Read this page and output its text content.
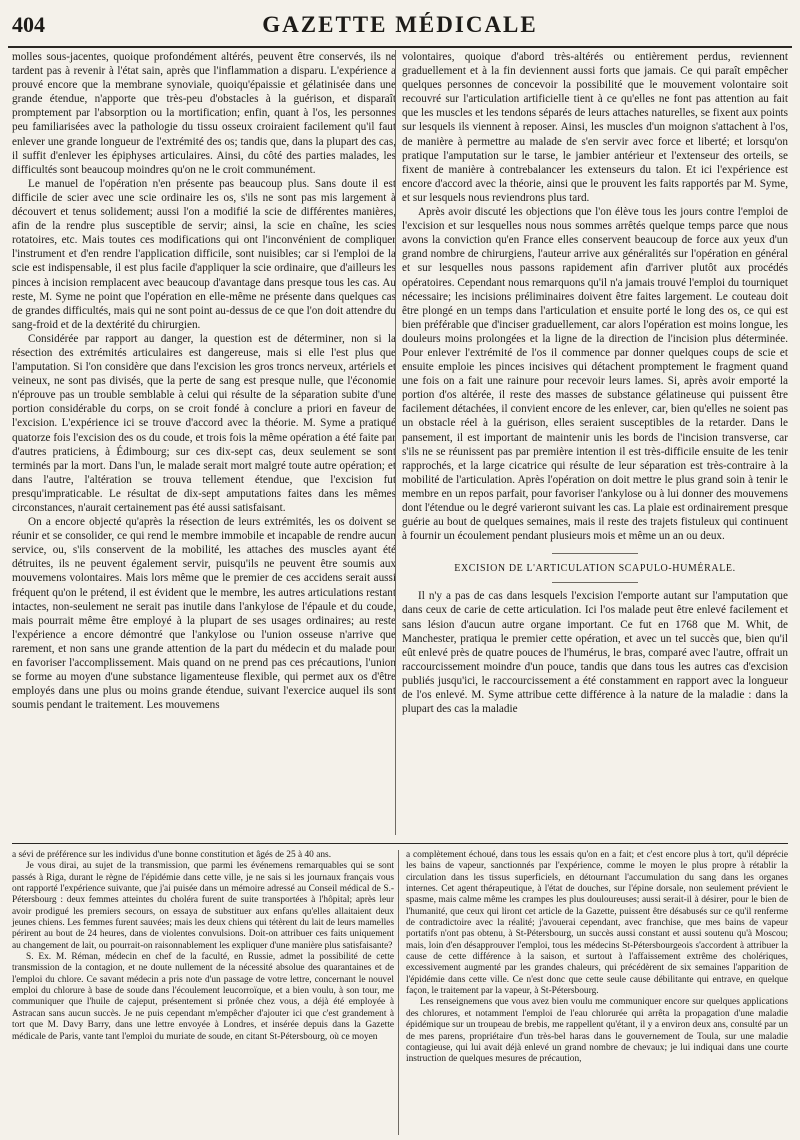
404	GAZETTE MÉDICALE

molles sous-jacentes, quoique profondément altérés, peuvent être conservés, ils ne tardent pas à revenir à l'état sain, après que l'inflammation a disparu. L'expérience a prouvé encore que la membrane synoviale, quoiqu'épaissie et gélatinisée dans une grande étendue, n'apporte que très-peu d'obstacles à la guérison, et disparaît promptement par l'absorption ou la mortification; enfin, quant à l'os, les personnes peu familiarisées avec la pathologie du tissu osseux croiraient facilement qu'il faut enlever une grande longueur de l'extrémité des os; tandis que, dans la plupart des cas, il suffit d'enlever les épiphyses articulaires. Ainsi, du côté des parties malades, les difficultés sont beaucoup moindres qu'on ne le croit communément.

Le manuel de l'opération n'en présente pas beaucoup plus. Sans doute il est difficile de scier avec une scie ordinaire les os, s'ils ne sont pas mis largement à découvert et tenus solidement; aussi l'on a modifié la scie de différentes manières, afin de la rendre plus susceptible de servir; ainsi, la scie en chaîne, les scies rotatoires, etc. Mais toutes ces modifications qui ont l'inconvénient de compliquer l'instrument et d'en rendre l'application difficile, sont nuisibles; car si l'emploi de la scie est indispensable, il est plus facile d'appliquer la scie ordinaire, que d'ailleurs les pinces à incision remplacent avec beaucoup d'avantage dans presque tous les cas. Au reste, M. Syme ne point que l'opération en elle-même ne présente dans quelques cas de grandes difficultés, mais qui ne sont point au-dessus de ce que l'on doit attendre du sang-froid et de la dextérité du chirurgien.

Considérée par rapport au danger, la question est de déterminer, non si la résection des extrémités articulaires est dangereuse, mais si elle l'est plus que l'amputation. Si l'on considère que dans l'excision les gros troncs nerveux, artériels et veineux, ne sont pas divisés, que la perte de sang est presque nulle, que l'économie n'éprouve pas un trouble semblable à celui qui résulte de la séparation subite d'une portion considérable du corps, on se croit fondé à conclure a priori en faveur de l'excision. L'expérience ici se trouve d'accord avec la théorie. M. Syme a pratiqué quatorze fois l'excision des os du coude, et trois fois la même opération a été faite par d'autres praticiens, à Édimbourg; sur ces dix-sept cas, deux seulement se sont terminés par la mort. Dans l'un, le malade serait mort malgré toute autre opération; et dans l'autre, l'altération se trouva tellement étendue, que l'excision fut presqu'impraticable. Le résultat de dix-sept amputations faites dans les mêmes circonstances, n'aurait certainement pas été aussi satisfaisant.

On a encore objecté qu'après la résection de leurs extrémités, les os doivent se réunir et se consolider, ce qui rend le membre immobile et incapable de rendre aucun service, ou, s'ils conservent de la mobilité, les attaches des muscles ayant été détruites, ils ne peuvent également servir, puisqu'ils ne peuvent être soumis aux mouvemens volontaires. Mais lors même que le premier de ces accidens serait aussi fréquent qu'on le prétend, il est évident que le membre, les autres articulations restant intactes, non-seulement ne serait pas inutile dans l'ankylose de l'épaule et du coude, mais pourrait même être employé à la plupart de ses usages ordinaires; au reste l'expérience a encore démontré que l'ankylose ou l'union osseuse n'arrive que rarement, et non sans une grande attention de la part du médecin et du malade pour en favoriser l'accomplissement. Mais quand on ne prend pas ces précautions, l'union se forme au moyen d'une substance ligamenteuse flexible, qui permet aux os d'être employés dans une plus ou moins grande étendue, suivant l'exercice auquel ils sont soumis pendant le traitement. Les mouvemens

volontaires, quoique d'abord très-altérés ou entièrement perdus, reviennent graduellement et à la fin deviennent aussi forts que jamais. Ce qui paraît empêcher quelques personnes de concevoir la possibilité que le mouvement volontaire soit recouvré sur l'articulation artificielle tient à ce qu'elles ne font pas attention au fait que les muscles et les tendons séparés de leurs attaches naturelles, se fixent aux points sur lesquels ils viennent à reposer. Ainsi, les muscles d'un moignon s'attachent à l'os, de manière à permettre au malade de s'en servir avec force et liberté; et lorsqu'on pratique l'amputation sur le tarse, le jambier antérieur et l'extenseur des orteils, se fixent de manière à contrebalancer les extenseurs du talon. Et ici l'expérience est encore d'accord avec la théorie, ainsi que le prouvent les faits rapportés par M. Syme, et sur lesquels nous reviendrons plus tard.

Après avoir discuté les objections que l'on élève tous les jours contre l'emploi de l'excision et sur lesquelles nous nous sommes arrêtés quelque temps parce que nous avons la conviction qu'en France elles conservent beaucoup de force aux yeux d'un grand nombre de chirurgiens, l'auteur arrive aux généralités sur l'opération en général et sur lesquelles nous passons rapidement afin d'arriver plutôt aux procédés opératoires. Cependant nous remarquons qu'il n'a jamais trouvé l'emploi du tourniquet nécessaire; les incisions préliminaires doivent être faites largement. Le couteau doit être plongé en un temps dans l'articulation et ensuite porté le long des os, ce qui est bien préférable que d'inciser graduellement, car alors l'opération est moins longue, les douleurs moins prolongées et la ligne de la direction de l'incision plus déterminée. Pour enlever l'extrémité de l'os il commence par donner quelques coups de scie et ensuite emploie les pinces incisives qui détachent promptement le fragment quand une fois on a fait une rainure pour recevoir leurs lames. Si, après avoir emporté la portion d'os altérée, il reste des masses de substance gélatineuse qui puissent être facilement détachées, il convient encore de les enlever, car, bien qu'elles ne soient pas un obstacle réel à la guérison, elles seraient susceptibles de la retarder. Dans le pansement, il est important de maintenir unis les bords de l'incision transverse, car s'ils ne se réunissent pas par première intention il est très-difficile ensuite de les tenir rapprochés, et la large cicatrice qui résulte de leur séparation est très-contraire à la mobilité de l'articulation. Après l'opération on doit mettre le plus grand soin à tenir le membre en un repos parfait, pour favoriser l'ankylose ou à lui donner des mouvemens dont l'étendue ou le degré varieront suivant les cas. La plaie est ordinairement presque guérie au bout de quelques semaines, mais il reste des trajets fistuleux qui continuent à fournir un écoulement pendant plusieurs mois et même un an ou deux.

EXCISION DE L'ARTICULATION SCAPULO-HUMÉRALE.

Il n'y a pas de cas dans lesquels l'excision l'emporte autant sur l'amputation que dans ceux de carie de cette articulation. Ici l'os malade peut être enlevé facilement et sans lésion d'aucun autre organe important. Ce fut en 1768 que M. Whit, de Manchester, pratiqua le premier cette opération, et avec un tel succès que, bien qu'il eût enlevé près de quatre pouces de l'humérus, le bras, comparé avec l'autre, offrait un raccourcissement moindre d'un pouce, tandis que dans tous les autres cas d'excision publiés jusqu'ici, le raccourcissement a été constamment en rapport avec la longueur de l'os enlevé. M. Syme attribue cette différence à la nature de la maladie : dans la plupart des cas la maladie

a sévi de préférence sur les individus d'une bonne constitution et âgés de 25 à 40 ans.

Je vous dirai, au sujet de la transmission, que parmi les événemens remarquables qui se sont passés à Riga, durant le règne de l'épidémie dans cette ville, je ne sais si les journaux français vous ont rapporté l'expérience suivante, que j'ai puisée dans un mémoire adressé au Conseil médical de S.-Pétersbourg : deux femmes atteintes du choléra furent de suite transportées à l'hôpital; après leur avoir prodigué les premiers secours, on essaya de substituer aux enfans qu'elles allaitaient deux jeunes chiens. Les femmes furent sauvées; mais les deux chiens qui tétèrent du lait de leurs mamelles périrent au bout de 24 heures, dans de violentes convulsions. Doit-on attribuer ces faits uniquement au changement de lait, ou pourrait-on raisonnablement les expliquer d'une manière plus satisfaisante?

S. Ex. M. Réman, médecin en chef de la faculté, en Russie, admet la possibilité de cette transmission de la contagion, et ne doute nullement de la nécessité absolue des quarantaines et de l'emploi du chlore. Ce savant médecin a pris note d'un passage de votre lettre, concernant le nouvel emploi du chlorure à base de soude dans l'écoulement leucorroïque, et a bien voulu, à son tour, me communiquer que l'huile de cajeput, présentement si prônée chez vous, a déjà été employée à Astracan sans aucun succès. Je ne puis cependant m'empêcher d'ajouter ici que c'est grandement à tort que M. Davy Barry, dans une lettre envoyée à Londres, et insérée depuis dans la Gazette médicale de Paris, vante tant l'emploi du muriate de soude, en citant St-Pétersbourg, où ce moyen

a complètement échoué, dans tous les essais qu'on en a fait; et c'est encore plus à tort, qu'il déprécie les bains de vapeur, sanctionnés par l'expérience, comme le moyen le plus propre à rétablir la circulation dans les tissus superficiels, en détournant l'accumulation du sang dans les organes internes. Cet agent thérapeutique, à l'état de douches, sur l'épine dorsale, non seulement prévient le spasme, mais calme même les crampes les plus douloureuses; aussi serait-il à désirer, pour le bien de l'humanité, que ceux qui liront cet article de la Gazette, puissent être désabusés sur ce qu'il renferme de contradictoire avec la réalité; j'avouerai cependant, avec franchise, que mes bains de vapeur portatifs n'ont pas obtenu, à St-Pétersbourg, un succès aussi constant et aussi soutenu qu'à Moscou; mais, loin d'en désapprouver l'emploi, tous les médecins St-Pétersbourgeois s'accordent à attribuer la cause de cette différence à la saison, et surtout à l'affaissement extrême des cholériques, excessivement augmenté par les grandes chaleurs, qui précédèrent de six semaines l'apparition de l'épidémie dans cette ville. Ce n'est donc que cette seule cause débilitante qui entrave, en quelque façon, le traitement par la vapeur, à St-Pétersbourg.

Les renseignemens que vous avez bien voulu me communiquer encore sur quelques applications des chlorures, et notamment l'emploi de l'eau chlorurée qui arrêta la propagation d'une maladie épidémique sur un troupeau de brebis, me rappellent qu'étant, il y a environ deux ans, consulté par un de mes parens, propriétaire d'un très-bel haras dans le gouvernement de Toula, sur une maladie contagieuse, qui lui avait déjà enlevé un grand nombre de chevaux; je lui indiquai dans une courte instruction de quelques mesures de précaution,
